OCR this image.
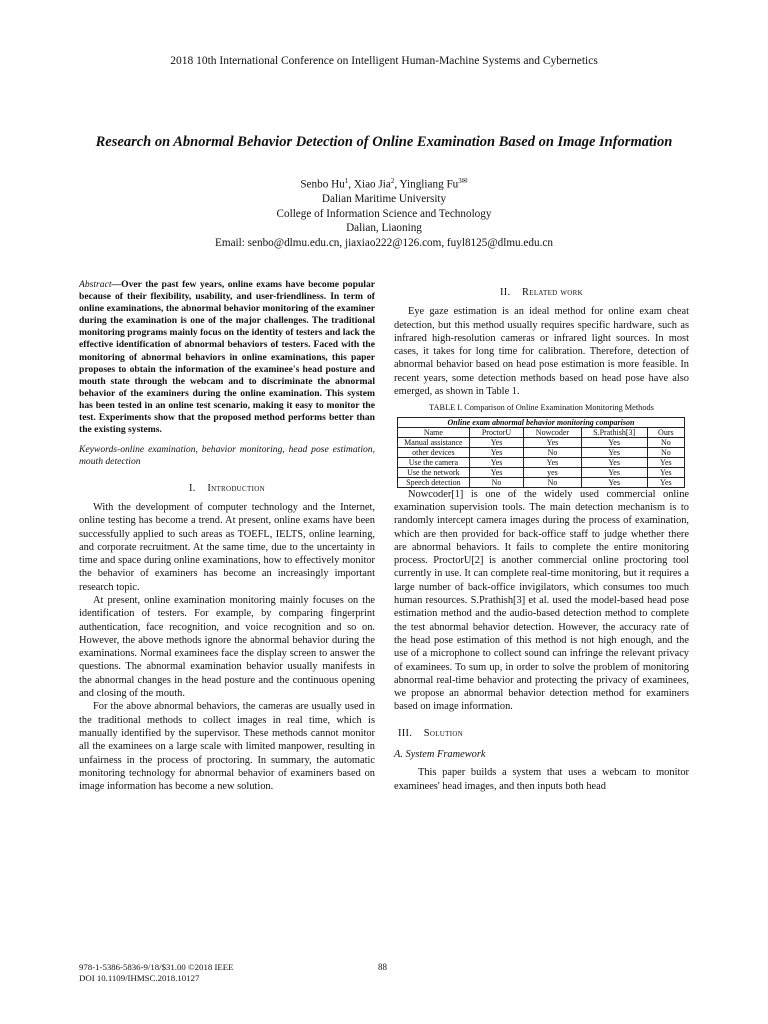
2018 10th International Conference on Intelligent Human-Machine Systems and Cybernetics
Research on Abnormal Behavior Detection of Online Examination Based on Image Information
Senbo Hu$^1$, Xiao Jia$^2$, Yingliang $Fu^{3✉}$
Dalian Maritime University
College of Information Science and Technology
Dalian, Liaoning
Email: senbo@dlmu.edu.cn, jiaxiao222@126.com, fuyl8125@dlmu.edu.cn
Abstract—Over the past few years, online exams have become popular because of their flexibility, usability, and user-friendliness. In term of online examinations, the abnormal behavior monitoring of the examiner during the examination is one of the major challenges. The traditional monitoring programs mainly focus on the identity of testers and lack the effective identification of abnormal behaviors of testers. Faced with the monitoring of abnormal behaviors in online examinations, this paper proposes to obtain the information of the examinee's head posture and mouth state through the webcam and to discriminate the abnormal behavior of the examiners during the online examination. This system has been tested in an online test scenario, making it easy to monitor the test. Experiments show that the proposed method performs better than the existing systems.
Keywords-online examination, behavior monitoring, head pose estimation, mouth detection
I. Introduction

With the development of computer technology and the Internet, online testing has become a trend. At present, online exams have been successfully applied to such areas as TOEFL, IELTS, online learning, and corporate recruitment. At the same time, due to the uncertainty in time and space during online examinations, how to effectively monitor the behavior of examiners has become an increasingly important research topic.

At present, online examination monitoring mainly focuses on the identification of testers. For example, by comparing fingerprint authentication, face recognition, and voice recognition and so on. However, the above methods ignore the abnormal behavior during the examinations. Normal examinees face the display screen to answer the questions. The abnormal examination behavior usually manifests in the abnormal changes in the head posture and the continuous opening and closing of the mouth.

For the above abnormal behaviors, the cameras are usually used in the traditional methods to collect images in real time, which is manually identified by the supervisor. These methods cannot monitor all the examinees on a large scale with limited manpower, resulting in unfairness in the process of proctoring. In summary, the automatic monitoring technology for abnormal behavior of examiners based on image information has become a new solution.

II. Related work

Eye gaze estimation is an ideal method for online exam cheat detection, but this method usually requires specific hardware, such as infrared high-resolution cameras or infrared light sources. In most cases, it takes for long time for calibration. Therefore, detection of abnormal behavior based on head pose estimation is more feasible. In recent years, some detection methods based on head pose have also emerged, as shown in Table 1.

TABLE I. Comparison of Online Examination Monitoring Methods
Online exam abnormal behavior monitoring comparison				
Name	ProctorU	Nowcoder	S.Prathish[3]	Ours
Manual assistance	Yes	Yes	Yes	No
other devices	Yes	No	Yes	No
Use the camera	Yes	Yes	Yes	Yes
Use the network	Yes	yes	Yes	Yes
Speech detection	No	No	Yes	Yes

Nowcoder[1] is one of the widely used commercial online examination supervision tools. The main detection mechanism is to randomly intercept camera images during the process of examination, which are then provided for back-office staff to judge whether there are abnormal behaviors. It fails to complete the entire monitoring process. ProctorU[2] is another commercial online proctoring tool currently in use. It can complete real-time monitoring, but it requires a large number of back-office invigilators, which consumes too much human resources. S.Prathish[3] et al. used the model-based head pose estimation method and the audio-based detection method to complete the test abnormal behavior detection. However, the accuracy rate of the head pose estimation of this method is not high enough, and the use of a microphone to collect sound can infringe the relevant privacy of examinees. To sum up, in order to solve the problem of monitoring abnormal real-time behavior and protecting the privacy of examinees, we propose an abnormal behavior detection method for examiners based on image information.

III. Solution
A. System Framework

This paper builds a system that uses a webcam to monitor examinees' head images, and then inputs both head

978-1-5386-5836-9/18/$31.00 ©2018 IEEE
DOI 10.1109/IHMSC.2018.10127
88
